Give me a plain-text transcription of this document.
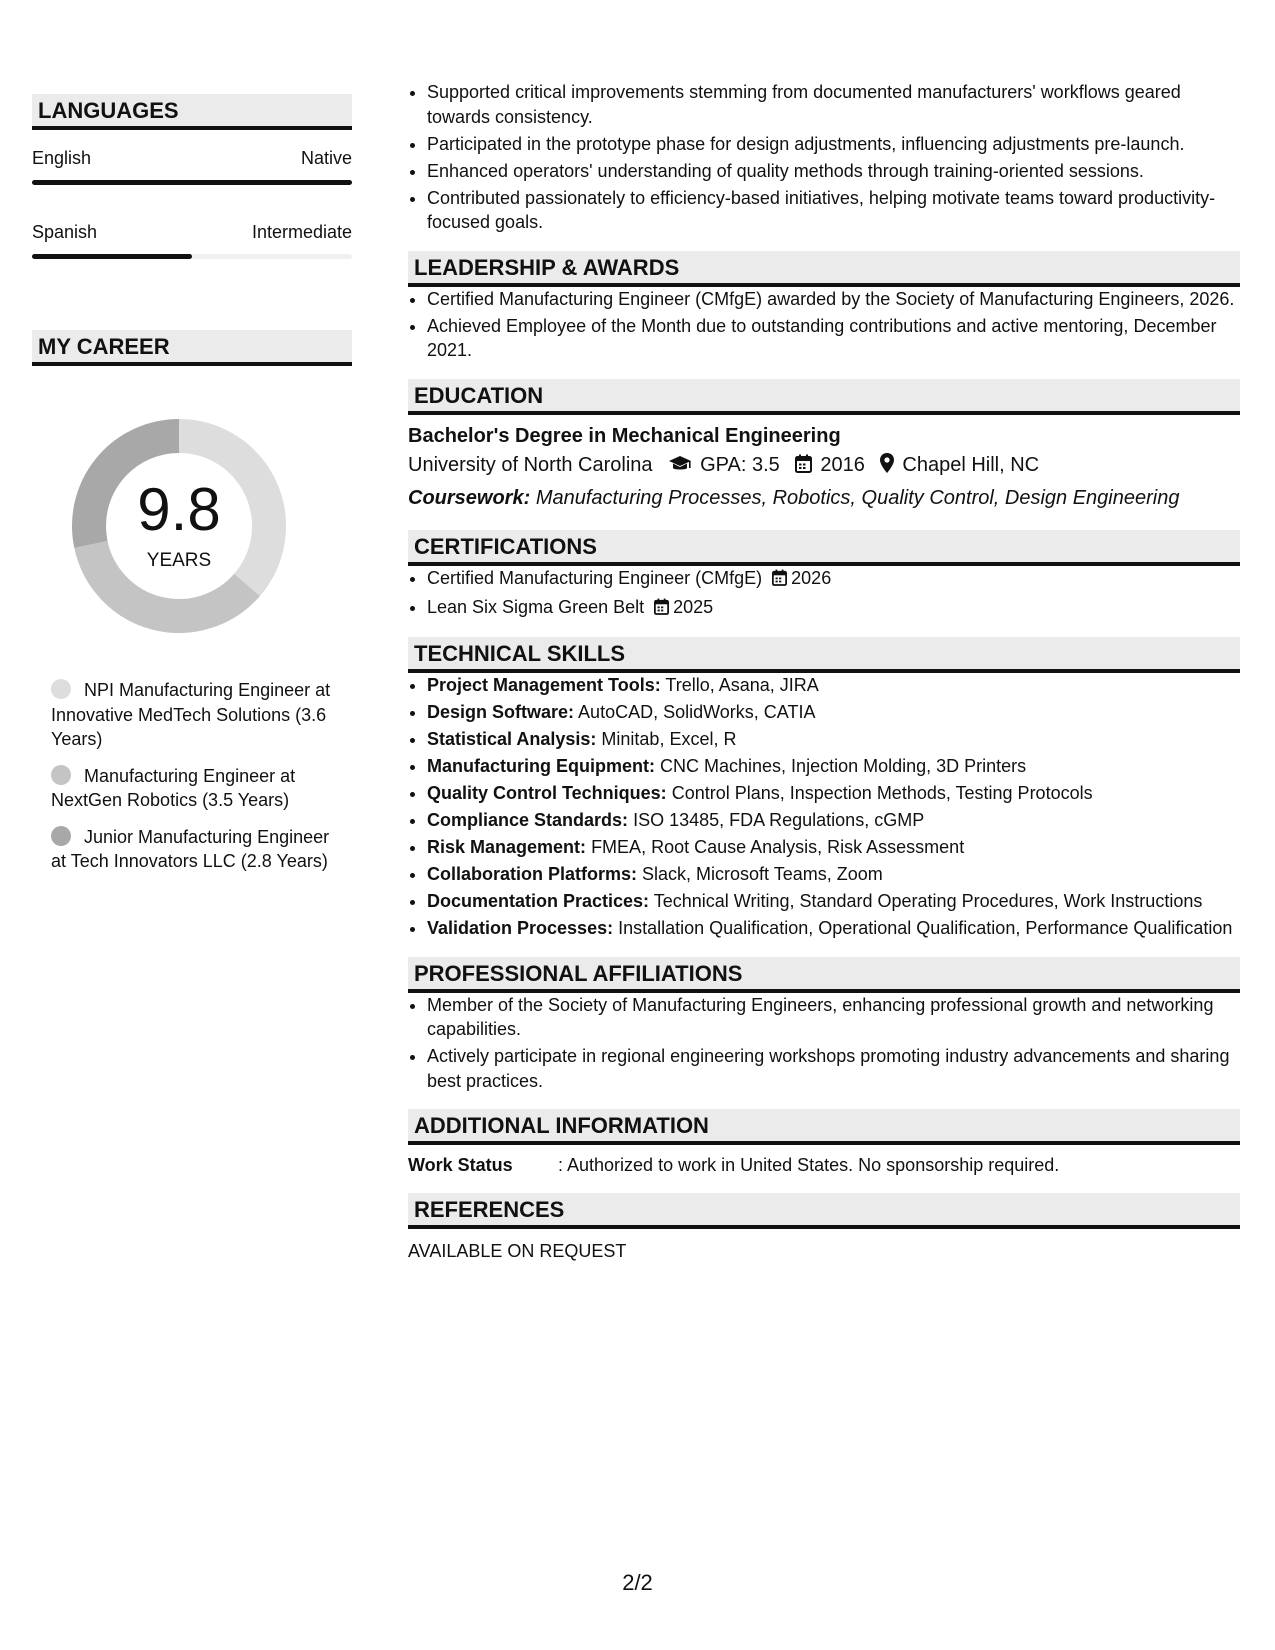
LANGUAGES
English	Native
Spanish	Intermediate
MY CAREER
9.8
YEARS
NPI Manufacturing Engineer at Innovative MedTech Solutions (3.6 Years)
Manufacturing Engineer at NextGen Robotics (3.5 Years)
Junior Manufacturing Engineer at Tech Innovators LLC (2.8 Years)
• Supported critical improvements stemming from documented manufacturers' workflows geared towards consistency.
• Participated in the prototype phase for design adjustments, influencing adjustments pre-launch.
• Enhanced operators' understanding of quality methods through training-oriented sessions.
• Contributed passionately to efficiency-based initiatives, helping motivate teams toward productivity-focused goals.
LEADERSHIP & AWARDS
• Certified Manufacturing Engineer (CMfgE) awarded by the Society of Manufacturing Engineers, 2026.
• Achieved Employee of the Month due to outstanding contributions and active mentoring, December 2021.
EDUCATION
Bachelor's Degree in Mechanical Engineering
University of North Carolina GPA: 3.5 2016 Chapel Hill, NC
Coursework: Manufacturing Processes, Robotics, Quality Control, Design Engineering
CERTIFICATIONS
• Certified Manufacturing Engineer (CMfgE) 2026
• Lean Six Sigma Green Belt 2025
TECHNICAL SKILLS
• Project Management Tools: Trello, Asana, JIRA
• Design Software: AutoCAD, SolidWorks, CATIA
• Statistical Analysis: Minitab, Excel, R
• Manufacturing Equipment: CNC Machines, Injection Molding, 3D Printers
• Quality Control Techniques: Control Plans, Inspection Methods, Testing Protocols
• Compliance Standards: ISO 13485, FDA Regulations, cGMP
• Risk Management: FMEA, Root Cause Analysis, Risk Assessment
• Collaboration Platforms: Slack, Microsoft Teams, Zoom
• Documentation Practices: Technical Writing, Standard Operating Procedures, Work Instructions
• Validation Processes: Installation Qualification, Operational Qualification, Performance Qualification
PROFESSIONAL AFFILIATIONS
• Member of the Society of Manufacturing Engineers, enhancing professional growth and networking capabilities.
• Actively participate in regional engineering workshops promoting industry advancements and sharing best practices.
ADDITIONAL INFORMATION
Work Status	: Authorized to work in United States. No sponsorship required.
REFERENCES
AVAILABLE ON REQUEST
2/2
